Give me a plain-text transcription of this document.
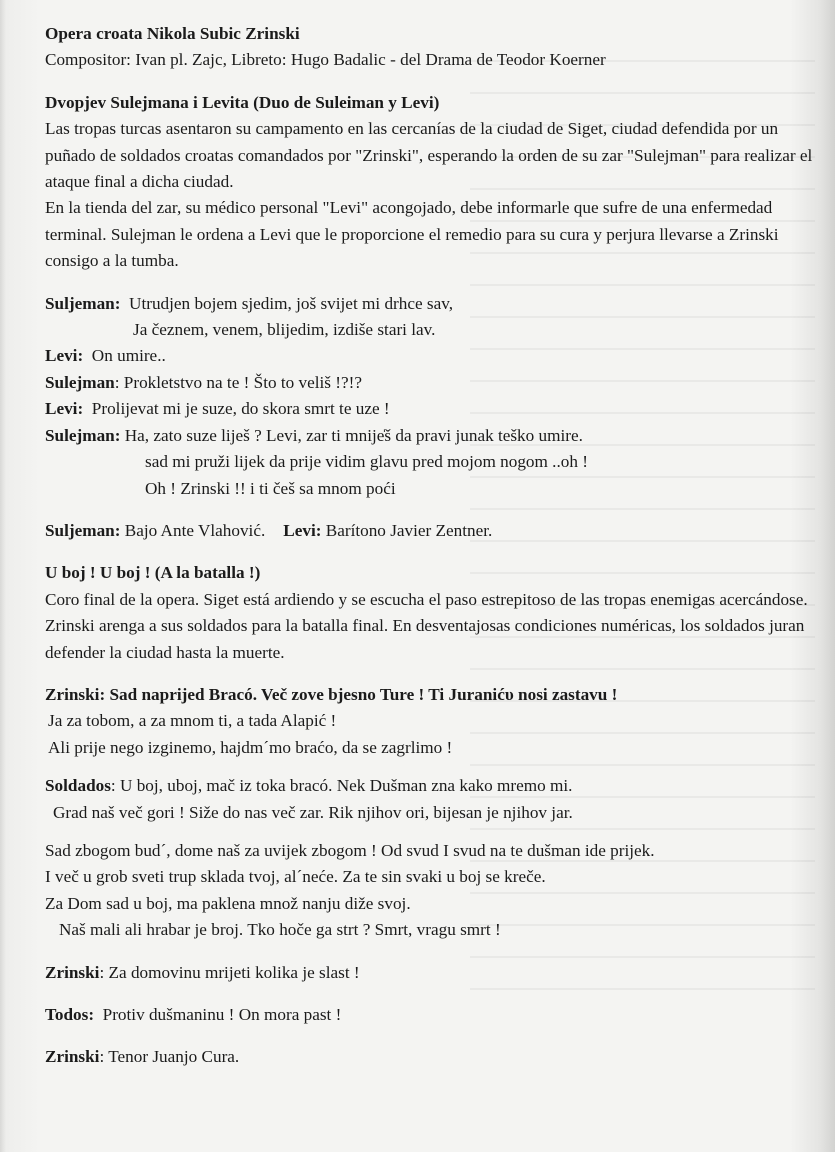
Opera croata Nikola Subic Zrinski

Compositor: Ivan pl. Zajc, Libreto: Hugo Badalic - del Drama de Teodor Koerner

Dvopjev Sulejmana i Levita (Duo de Suleiman y Levi)

Las tropas turcas asentaron su campamento en las cercanías de la ciudad de Siget, ciudad defendida por un puñado de soldados croatas comandados por "Zrinski", esperando la orden de su zar "Sulejman" para realizar el ataque final a dicha ciudad.

En la tienda del zar, su médico personal "Levi" acongojado, debe informarle que sufre de una enfermedad terminal. Sulejman le ordena a Levi que le proporcione el remedio para su cura y perjura llevarse a Zrinski consigo a la tumba.

Suljeman: Utrudjen bojem sjedim, još svijet mi drhce sav,

Ja čeznem, venem, blijedim, izdiše stari lav.

Levi: On umire..

Sulejman: Prokletstvo na te ! Što to veliš !?!?

Levi: Prolijevat mi je suze, do skora smrt te uze !

Sulejman: Ha, zato suze liješ ? Levi, zar ti mnije̍š da pravi junak teško umire.

sad mi pruži lijek da prije vidim glavu pred mojom nogom ..oh !

Oh ! Zrinski !! i ti češ sa mnom poći

Suljeman: Bajo Ante Vlahović. Levi: Barítono Javier Zentner.

U boj ! U boj ! (A la batalla !)

Coro final de la opera. Siget está ardiendo y se escucha el paso estrepitoso de las tropas enemigas acercándose. Zrinski arenga a sus soldados para la batalla final. En desventajosas condiciones numéricas, los soldados juran defender la ciudad hasta la muerte.

Zrinski: Sad naprijed Bracó. Več zove bjesno Ture ! Ti Juranićυ nosi zastavu !

Ja za tobom, a za mnom ti, a tada Alapić !

Ali prije nego izginemo, hajdm´mo braćo, da se zagrlimo !

Soldados: U boj, uboj, mač iz toka bracó. Nek Dušman zna kako mremo mi.

Grad naš več gori ! Siže do nas več zar. Rik njihov ori, bijesan je njihov jar.

Sad zbogom bud´, dome naš za uvijek zbogom ! Od svud I svud na te dušman ide prijek.

I več u grob sveti trup sklada tvoj, al´neće. Za te sin svaki u boj se kreče.

Za Dom sad u boj, ma paklena množ nanju diže svoj.

Naš mali ali hrabar je broj. Tko hoče ga strt ? Smrt, vragu smrt !

Zrinski: Za domovinu mrijeti kolika je slast !

Todos: Protiv dušmaninu ! On mora past !

Zrinski: Tenor Juanjo Cura.
